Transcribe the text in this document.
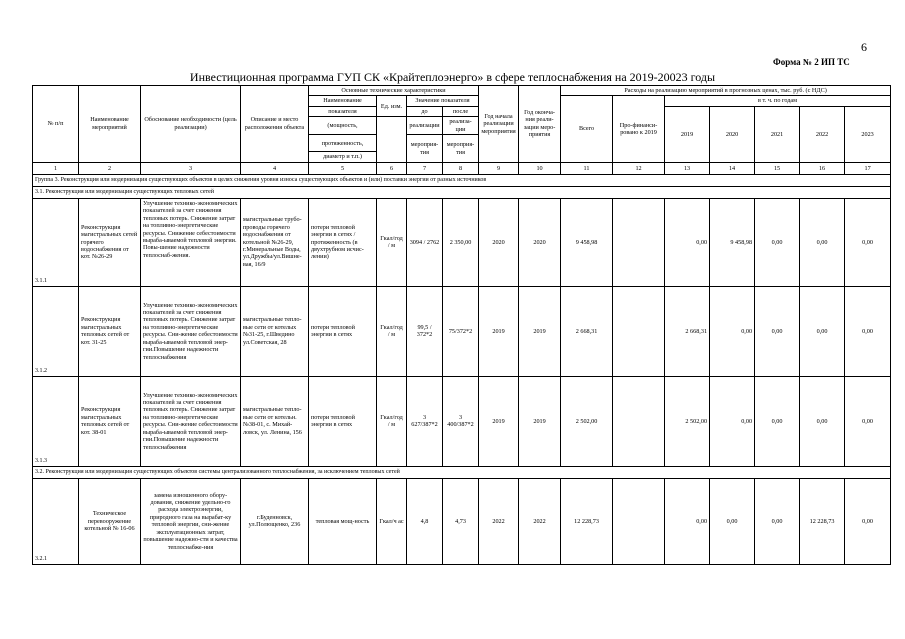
6
Форма № 2 ИП ТС
Инвестиционная программа ГУП СК «Крайтеплоэнерго» в сфере теплоснабжения на 2019-20023 годы
№ п/п	Наименование мероприятий	Обоснование необходимости (цель реализации)	Описание и место расположения объекта	Основные технические характеристики				Год начала реализации мероприятия	Год оконча-ния реали-зации меро-приятия	Расходы на реализацию мероприятий в прогнозных ценах, тыс. руб. (с НДС)						
				Наименование	Ед. изм.	Значение показателя				Всего	Про-финанси-ровано к 2019	в т. ч. по годам				
				показателя		до	после					2019	2020	2021	2022	2023
				(мощность,		реализации	реализа-ции									
				протяженность,		мероприя-тия	мероприя-тия									
				диаметр и т.п.)												
1	2	3	4	5	6	7	8	9	10	11	12	13	14	15	16	17
Группа 3. Реконструкция или модернизация существующих объектов в целях снижения уровня износа существующих объектов и (или) поставки энергии от разных источников																
3.1. Реконструкция или модернизация существующих тепловых сетей																
3.1.1	Реконструкция магистральных сетей горячего водоснабжения от кот. №26-29	Улучшение технико-экономических показателей за счет снижения тепловых потерь. Снижение затрат на топливно-энергетические ресурсы. Снижение себестоимости выраба-ываемой тепловой энергии. Повы-шение надежности теплоснаб-жения.	магистральные трубо-проводы горячего водоснабжения от котельной №26-29, г.Минеральные Воды, ул.Дружбы/ул.Вишне-вая, 16/9	потери тепловой энергии в сетях / протяженность (в двухтрубном исчис-лении)	Гкал/год / м	3094 / 2762	2 350,00	2020	2020	9 458,98		0,00	9 458,98	0,00	0,00	0,00
3.1.2	Реконструкция магистральных тепловых сетей от кот. 31-25	Улучшение технико-экономических показателей за счет снижения тепловых потерь. Снижение затрат на топливно-энергетические ресурсы. Сни-жение себестоимости выраба-ываемой тепловой энер-гии.Повышение надежности теплоснабжения	магистральные тепло-вые сети от котелых №31-25, г.Шведино ул.Советская, 28	потери тепловой энергии в сетях	Гкал/год / м	99,5 / 372*2	75/372*2	2019	2019	2 668,31		2 668,31	0,00	0,00	0,00	0,00
3.1.3	Реконструкция магистральных тепловых сетей от кот. 38-01	Улучшение технико-экономических показателей за счет снижения тепловых потерь. Снижение затрат на топливно-энергетические ресурсы. Сни-жение себестоимости выраба-ываемой тепловой энер-гии.Повышение надежности теплоснабжения	магистральные тепло-вые сети от котельн. №38-01, с. Михай-ловск, ул. Ленина, 156	потери тепловой энергии в сетях	Гкал/год / м	3 627/387*2	3 400/387*2	2019	2019	2 502,00		2 502,00	0,00	0,00	0,00	0,00
3.2. Реконструкция или модернизация существующих объектов системы централизованного теплоснабжения, за исключением тепловых сетей																
3.2.1	Техническое перевооружение котельной № 16-06	замена изношенного обору-дования, снижение удельно-го расхода электроэнергии, природного газа на вырабат-ку тепловой энергии, сни-жение эксплуатационных затрат, повышение надежно-сти и качества теплоснабже-ния	г.Буденновск, ул.Полющенко, 236	тепловая мощ-ность	Гкал/ч ас	4,8	4,73	2022	2022	12 228,73		0,00	0,00	0,00	12 228,73	0,00
